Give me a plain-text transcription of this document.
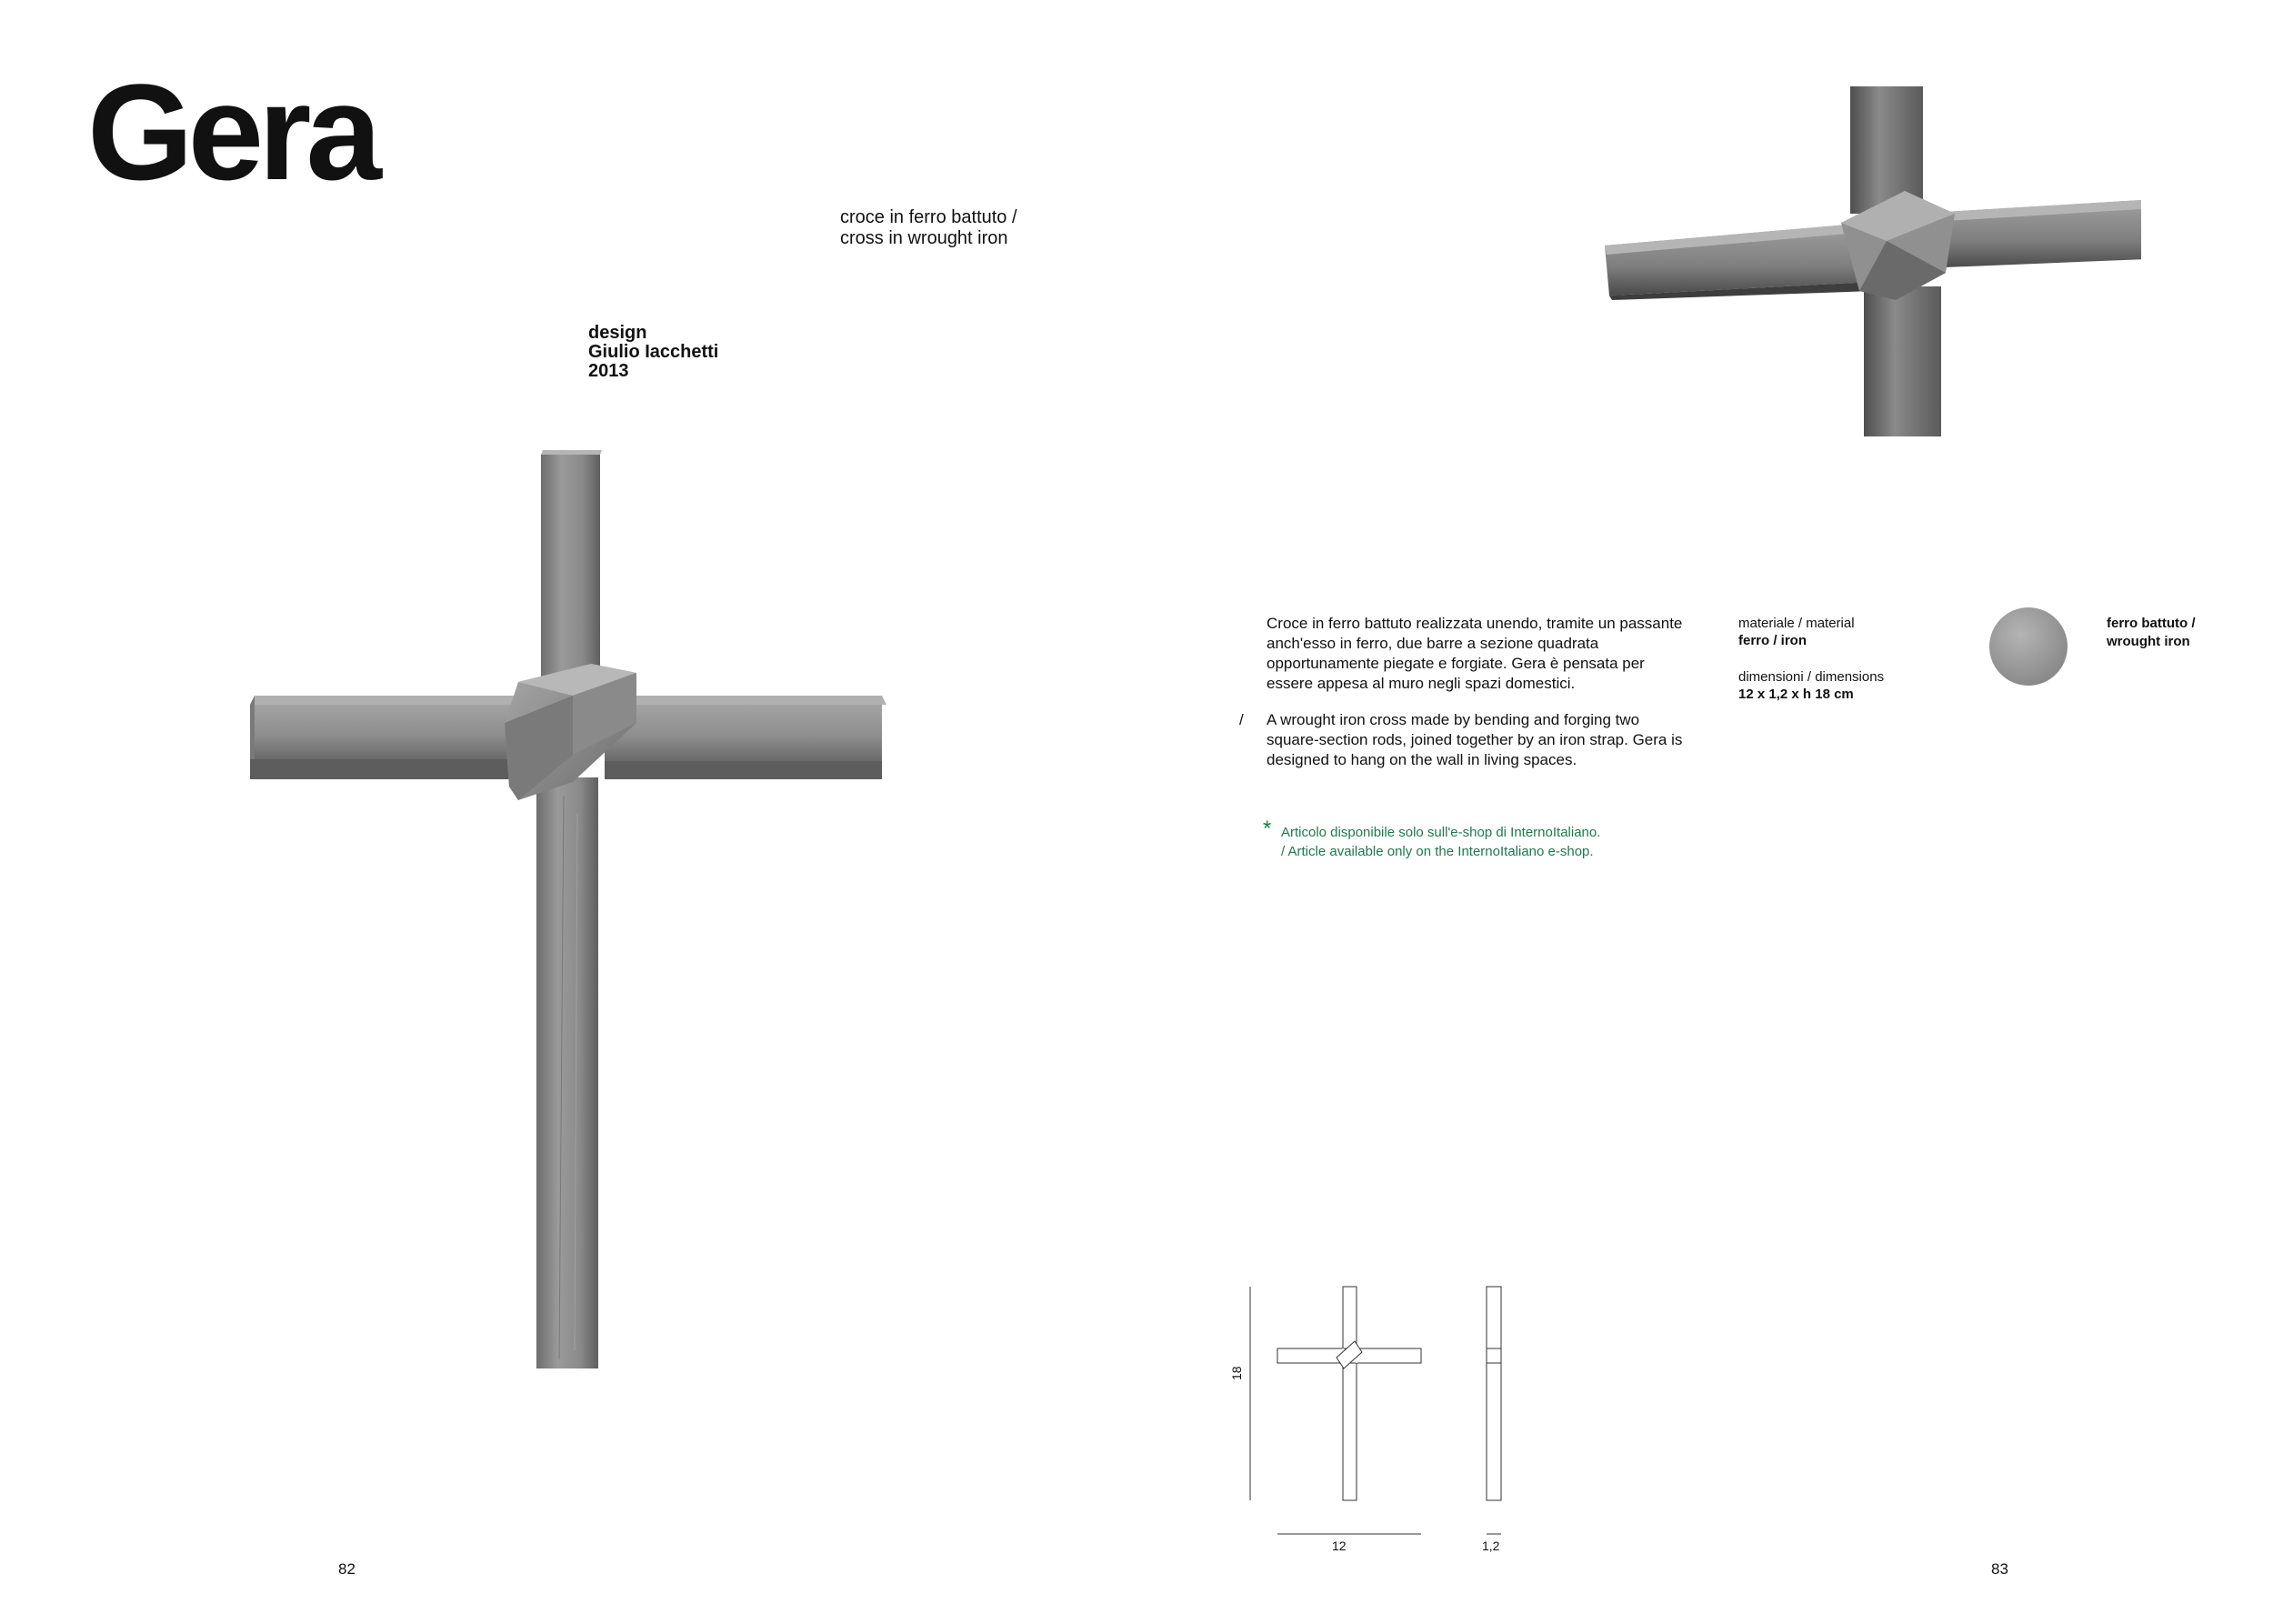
Gera
croce in ferro battuto /
cross in wrought iron
design
Giulio Iacchetti
2013
82

Croce in ferro battuto realizzata unendo, tramite un passante anch'esso in ferro, due barre a sezione quadrata opportunamente piegate e forgiate. Gera è pensata per essere appesa al muro negli spazi domestici.

/ A wrought iron cross made by bending and forging two square-section rods, joined together by an iron strap. Gera is designed to hang on the wall in living spaces.

materiale / material
ferro / iron
dimensioni / dimensions
12 x 1,2 x h 18 cm
ferro battuto /
wrought iron
* Articolo disponibile solo sull'e-shop di InternoItaliano.
/ Article available only on the InternoItaliano e-shop.
18
12	1,2
83
